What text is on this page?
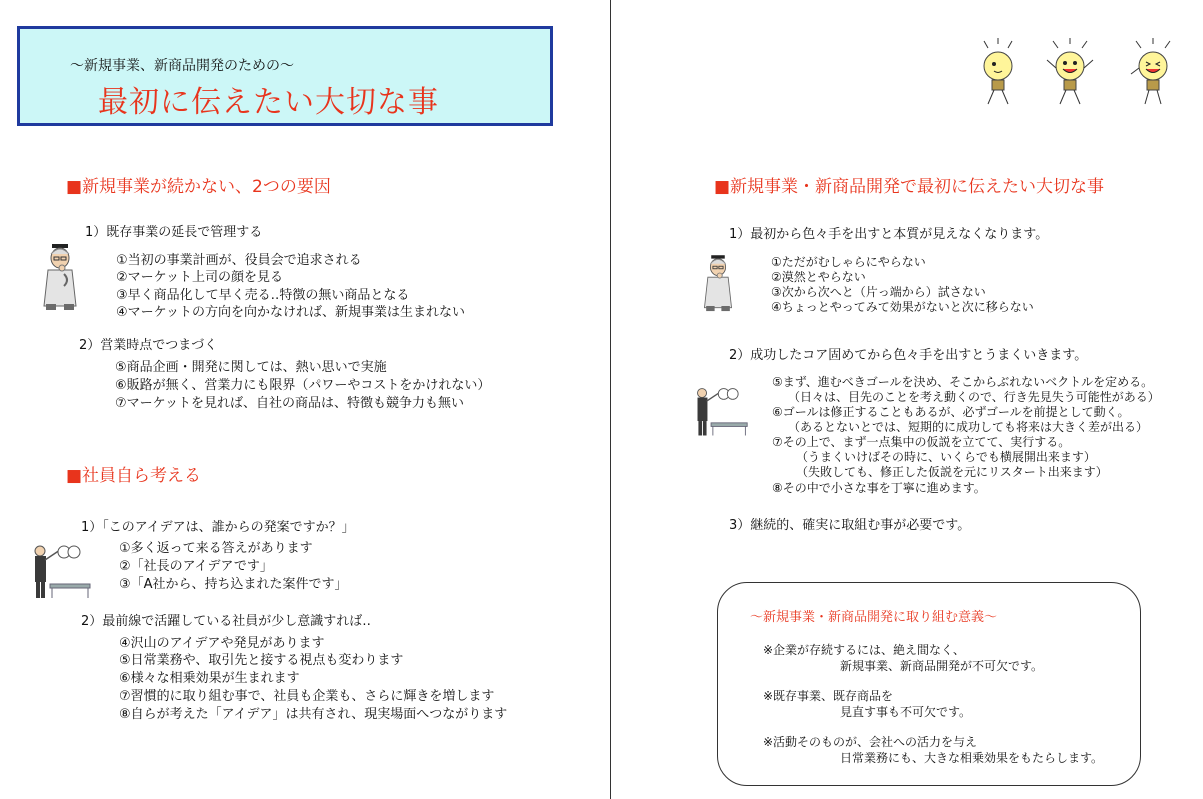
～新規事業、新商品開発のための～
最初に伝えたい大切な事
■新規事業が続かない、2つの要因
1）既存事業の延長で管理する
①当初の事業計画が、役員会で追求される
②マーケット上司の顔を見る
③早く商品化して早く売る‥特徴の無い商品となる
④マーケットの方向を向かなければ、新規事業は生まれない
2）営業時点でつまづく
⑤商品企画・開発に関しては、熱い思いで実施
⑥販路が無く、営業力にも限界（パワーやコストをかけれない）
⑦マーケットを見れば、自社の商品は、特徴も競争力も無い
■社員自ら考える
1）「このアイデアは、誰からの発案ですか？」
①多く返って来る答えがあります
②「社長のアイデアです」
③「A社から、持ち込まれた案件です」
2）最前線で活躍している社員が少し意識すれば‥
④沢山のアイデアや発見があります
⑤日常業務や、取引先と接する視点も変わります
⑥様々な相乗効果が生まれます
⑦習慣的に取り組む事で、社員も企業も、さらに輝きを増します
⑧自らが考えた「アイデア」は共有され、現実場面へつながります
■新規事業・新商品開発で最初に伝えたい大切な事
1）最初から色々手を出すと本質が見えなくなります。
①ただがむしゃらにやらない
②漠然とやらない
③次から次へと（片っ端から）試さない
④ちょっとやってみて効果がないと次に移らない
2）成功したコア固めてから色々手を出すとうまくいきます。
⑤まず、進むべきゴールを決め、そこからぶれないベクトルを定める。
（日々は、目先のことを考え動くので、行き先見失う可能性がある）
⑥ゴールは修正することもあるが、必ずゴールを前提として動く。
（あるとないとでは、短期的に成功しても将来は大きく差が出る）
⑦その上で、まず一点集中の仮説を立てて、実行する。
（うまくいけばその時に、いくらでも横展開出来ます）
（失敗しても、修正した仮説を元にリスタート出来ます）
⑧その中で小さな事を丁寧に進めます。
3）継続的、確実に取組む事が必要です。
～新規事業・新商品開発に取り組む意義～
※企業が存続するには、絶え間なく、
新規事業、新商品開発が不可欠です。
※既存事業、既存商品を
見直す事も不可欠です。
※活動そのものが、会社への活力を与え
日常業務にも、大きな相乗効果をもたらします。
